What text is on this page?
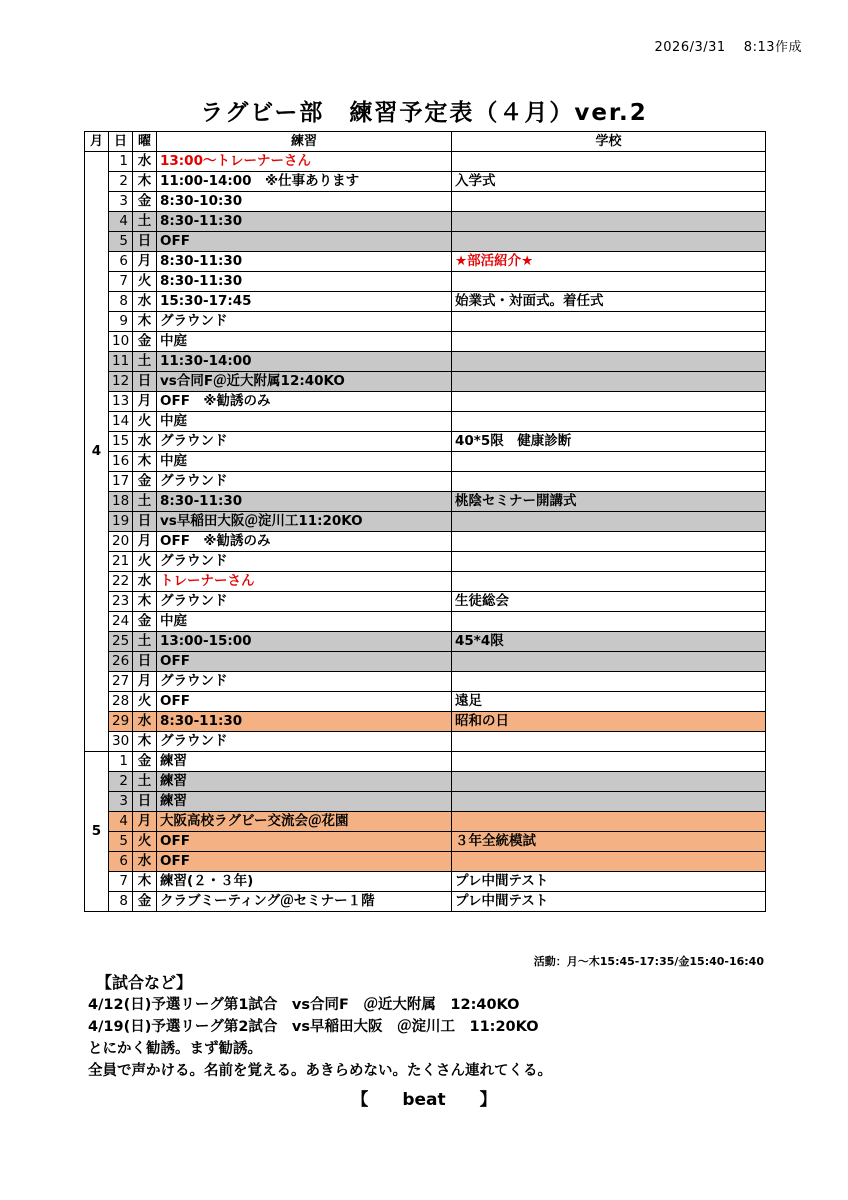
2026/3/31　 8:13作成
ラグビー部　練習予定表（４月）ver.2
月	日	曜	練習	学校
4	1	水	13:00〜トレーナーさん	
	2	木	11:00-14:00　※仕事あります	入学式
	3	金	8:30-10:30	
	4	土	8:30-11:30	
	5	日	OFF	
	6	月	8:30-11:30	★部活紹介★
	7	火	8:30-11:30	
	8	水	15:30-17:45	始業式・対面式。着任式
	9	木	グラウンド	
	10	金	中庭	
	11	土	11:30-14:00	
	12	日	vs合同F＠近大附属12:40KO	
	13	月	OFF　※勧誘のみ	
	14	火	中庭	
	15	水	グラウンド	40*5限　健康診断
	16	木	中庭	
	17	金	グラウンド	
	18	土	8:30-11:30	桃陰セミナー開講式
	19	日	vs早稲田大阪＠淀川工11:20KO	
	20	月	OFF　※勧誘のみ	
	21	火	グラウンド	
	22	水	トレーナーさん	
	23	木	グラウンド	生徒総会
	24	金	中庭	
	25	土	13:00-15:00	45*4限
	26	日	OFF	
	27	月	グラウンド	
	28	火	OFF	遠足
	29	水	8:30-11:30	昭和の日
	30	木	グラウンド	
5	1	金	練習	
	2	土	練習	
	3	日	練習	
	4	月	大阪高校ラグビー交流会＠花園	
	5	火	OFF	３年全統模試
	6	水	OFF	
	7	木	練習(２・３年)	プレ中間テスト
	8	金	クラブミーティング＠セミナー１階	プレ中間テスト
活動：月〜木15:45-17:35/金15:40-16:40
【試合など】
4/12(日)予選リーグ第1試合　vs合同F　＠近大附属　12:40KO
4/19(日)予選リーグ第2試合　vs早稲田大阪　＠淀川工　11:20KO
とにかく勧誘。まず勧誘。
全員で声かける。名前を覚える。あきらめない。たくさん連れてくる。
【　　beat　　】
